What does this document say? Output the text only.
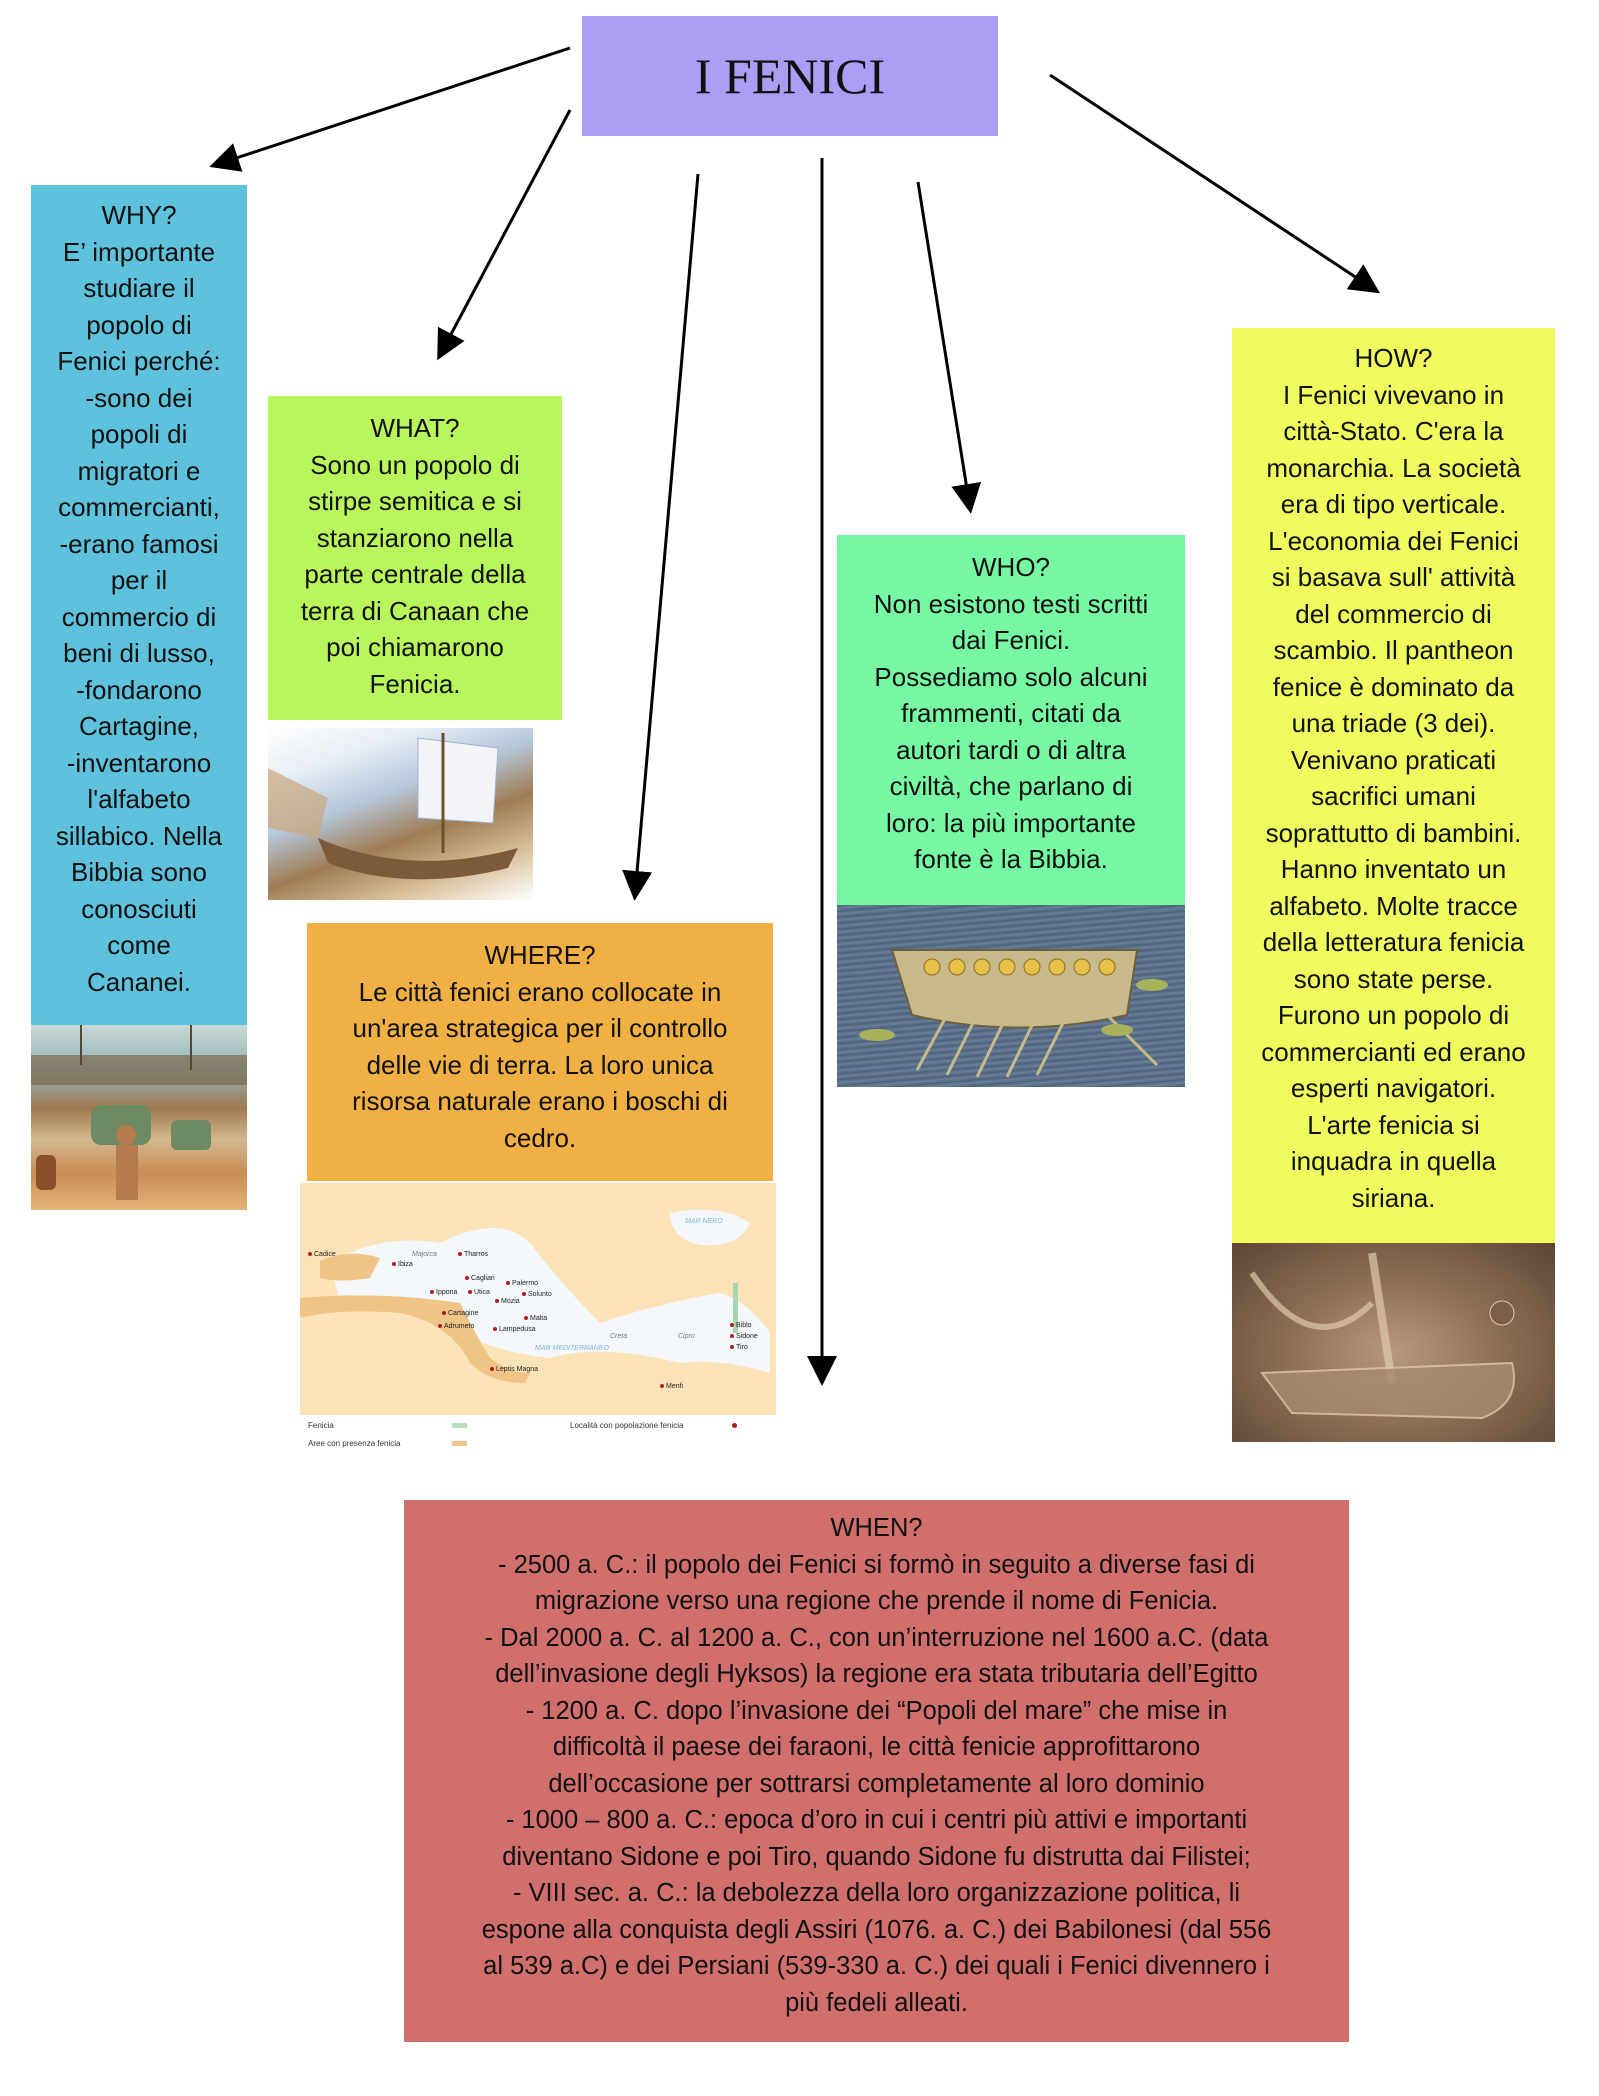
I FENICI
WHY?
E’ importante
studiare il
popolo di
Fenici perché:
-sono dei
popoli di
migratori e
commercianti,
-erano famosi
per il
commercio di
beni di lusso,
-fondarono
Cartagine,
-inventarono
l'alfabeto
sillabico. Nella
Bibbia sono
conosciuti
come
Cananei.
WHAT?
Sono un popolo di
stirpe semitica e si
stanziarono nella
parte centrale della
terra di Canaan che
poi chiamarono
Fenicia.
WHERE?
Le città fenici erano collocate in
un'area strategica per il controllo
delle vie di terra. La loro unica
risorsa naturale erano i boschi di
cedro.
Cadice
Ibiza
Tharros
Cagliari
Palermo
Solunto
Mozia
Ippona	Utica
Cartagine
Adrumeto
Malta
Lampedusa
Leptis Magna
Biblo
Sidone
Tiro
Menfi
Majorca
Creta	Cipro
MAR NERO
MAR MEDITERRANEO
Fenicia
Aree con presenza fenicia
Località con popolazione fenicia
WHO?
Non esistono testi scritti
dai Fenici.
Possediamo solo alcuni
frammenti, citati da
autori tardi o di altra
civiltà, che parlano di
loro: la più importante
fonte è la Bibbia.
HOW?
I Fenici vivevano in
città-Stato. C'era la
monarchia. La società
era di tipo verticale.
L'economia dei Fenici
si basava sull' attività
del commercio di
scambio. Il pantheon
fenice è dominato da
una triade (3 dei).
Venivano praticati
sacrifici umani
soprattutto di bambini.
Hanno inventato un
alfabeto. Molte tracce
della letteratura fenicia
sono state perse.
Furono un popolo di
commercianti ed erano
esperti navigatori.
L'arte fenicia si
inquadra in quella
siriana.
WHEN?
- 2500 a. C.: il popolo dei Fenici si formò in seguito a diverse fasi di
migrazione verso una regione che prende il nome di Fenicia.
- Dal 2000 a. C. al 1200 a. C., con un’interruzione nel 1600 a.C. (data
dell’invasione degli Hyksos) la regione era stata tributaria dell’Egitto
- 1200 a. C. dopo l’invasione dei “Popoli del mare” che mise in
difficoltà il paese dei faraoni, le città fenicie approfittarono
dell’occasione per sottrarsi completamente al loro dominio
- 1000 – 800 a. C.: epoca d’oro in cui i centri più attivi e importanti
diventano Sidone e poi Tiro, quando Sidone fu distrutta dai Filistei;
- VIII sec. a. C.: la debolezza della loro organizzazione politica, li
espone alla conquista degli Assiri (1076. a. C.) dei Babilonesi (dal 556
al 539 a.C) e dei Persiani (539-330 a. C.) dei quali i Fenici divennero i
più fedeli alleati.
